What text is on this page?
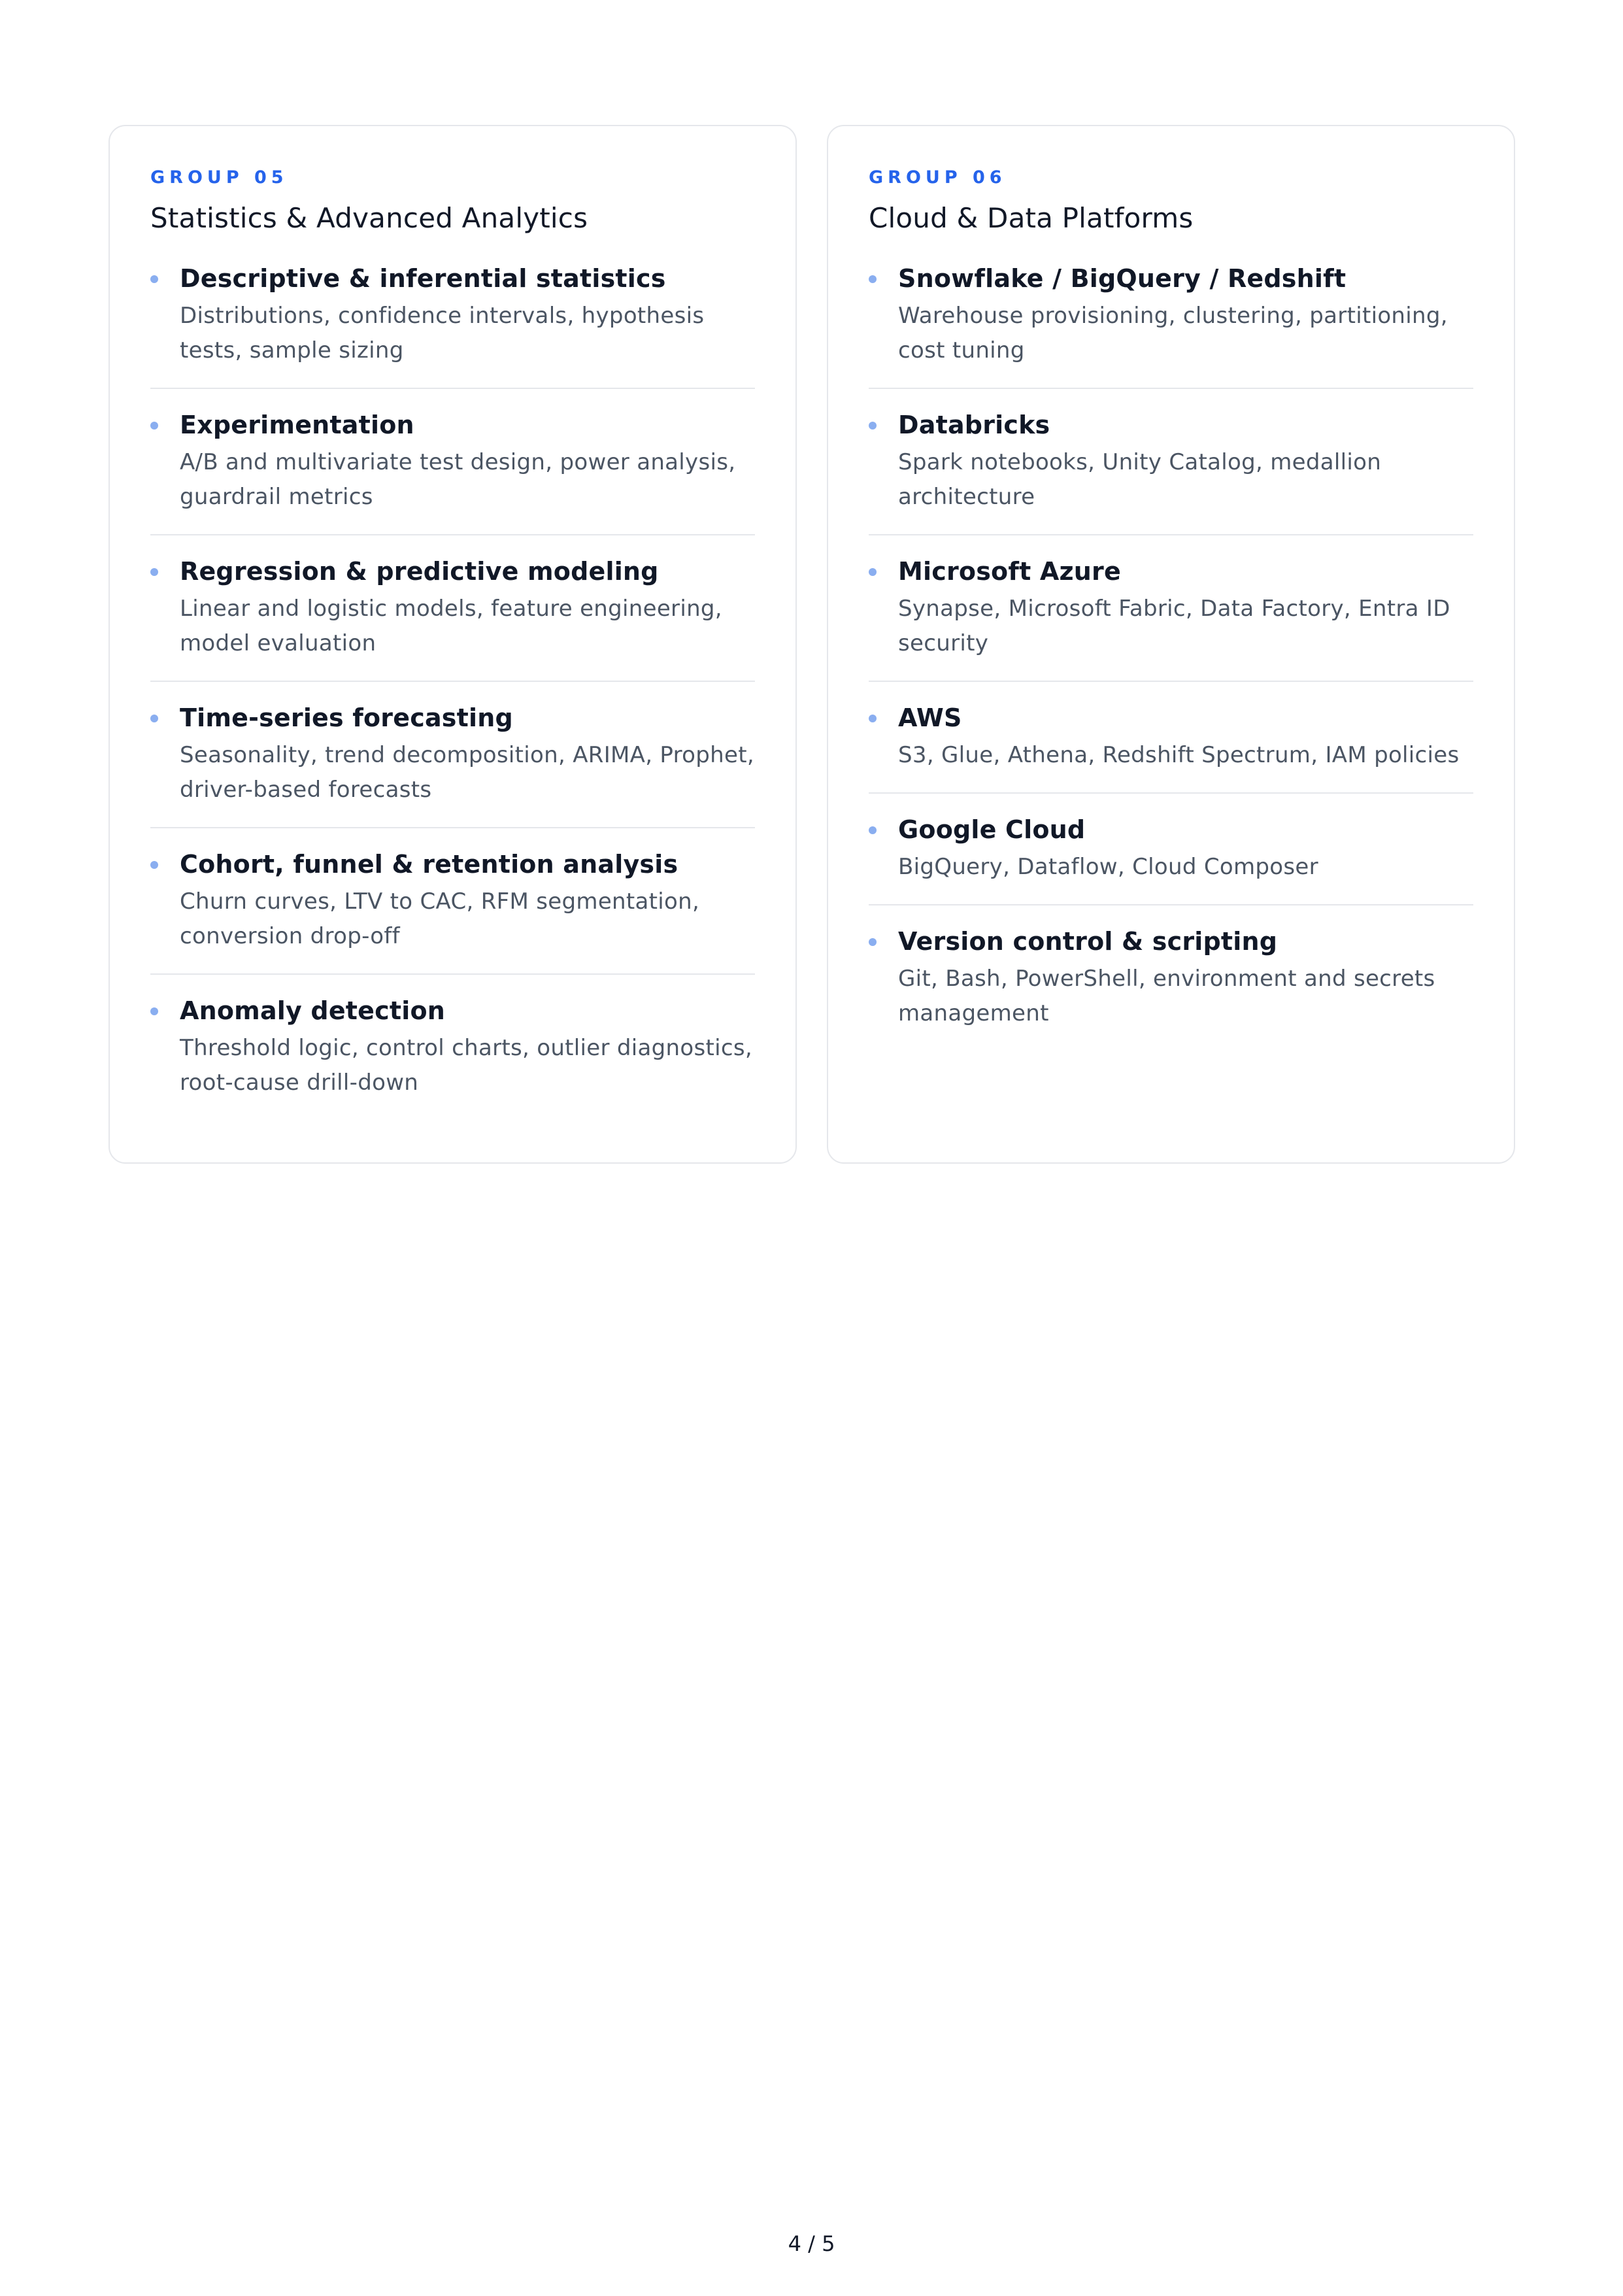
GROUP 05
Statistics & Advanced Analytics
Descriptive & inferential statistics
Distributions, confidence intervals, hypothesis tests, sample sizing
Experimentation
A/B and multivariate test design, power analysis, guardrail metrics
Regression & predictive modeling
Linear and logistic models, feature engineering, model evaluation
Time-series forecasting
Seasonality, trend decomposition, ARIMA, Prophet, driver-based forecasts
Cohort, funnel & retention analysis
Churn curves, LTV to CAC, RFM segmentation, conversion drop-off
Anomaly detection
Threshold logic, control charts, outlier diagnostics, root-cause drill-down
GROUP 06
Cloud & Data Platforms
Snowflake / BigQuery / Redshift
Warehouse provisioning, clustering, partitioning, cost tuning
Databricks
Spark notebooks, Unity Catalog, medallion architecture
Microsoft Azure
Synapse, Microsoft Fabric, Data Factory, Entra ID security
AWS
S3, Glue, Athena, Redshift Spectrum, IAM policies
Google Cloud
BigQuery, Dataflow, Cloud Composer
Version control & scripting
Git, Bash, PowerShell, environment and secrets management
4 / 5
